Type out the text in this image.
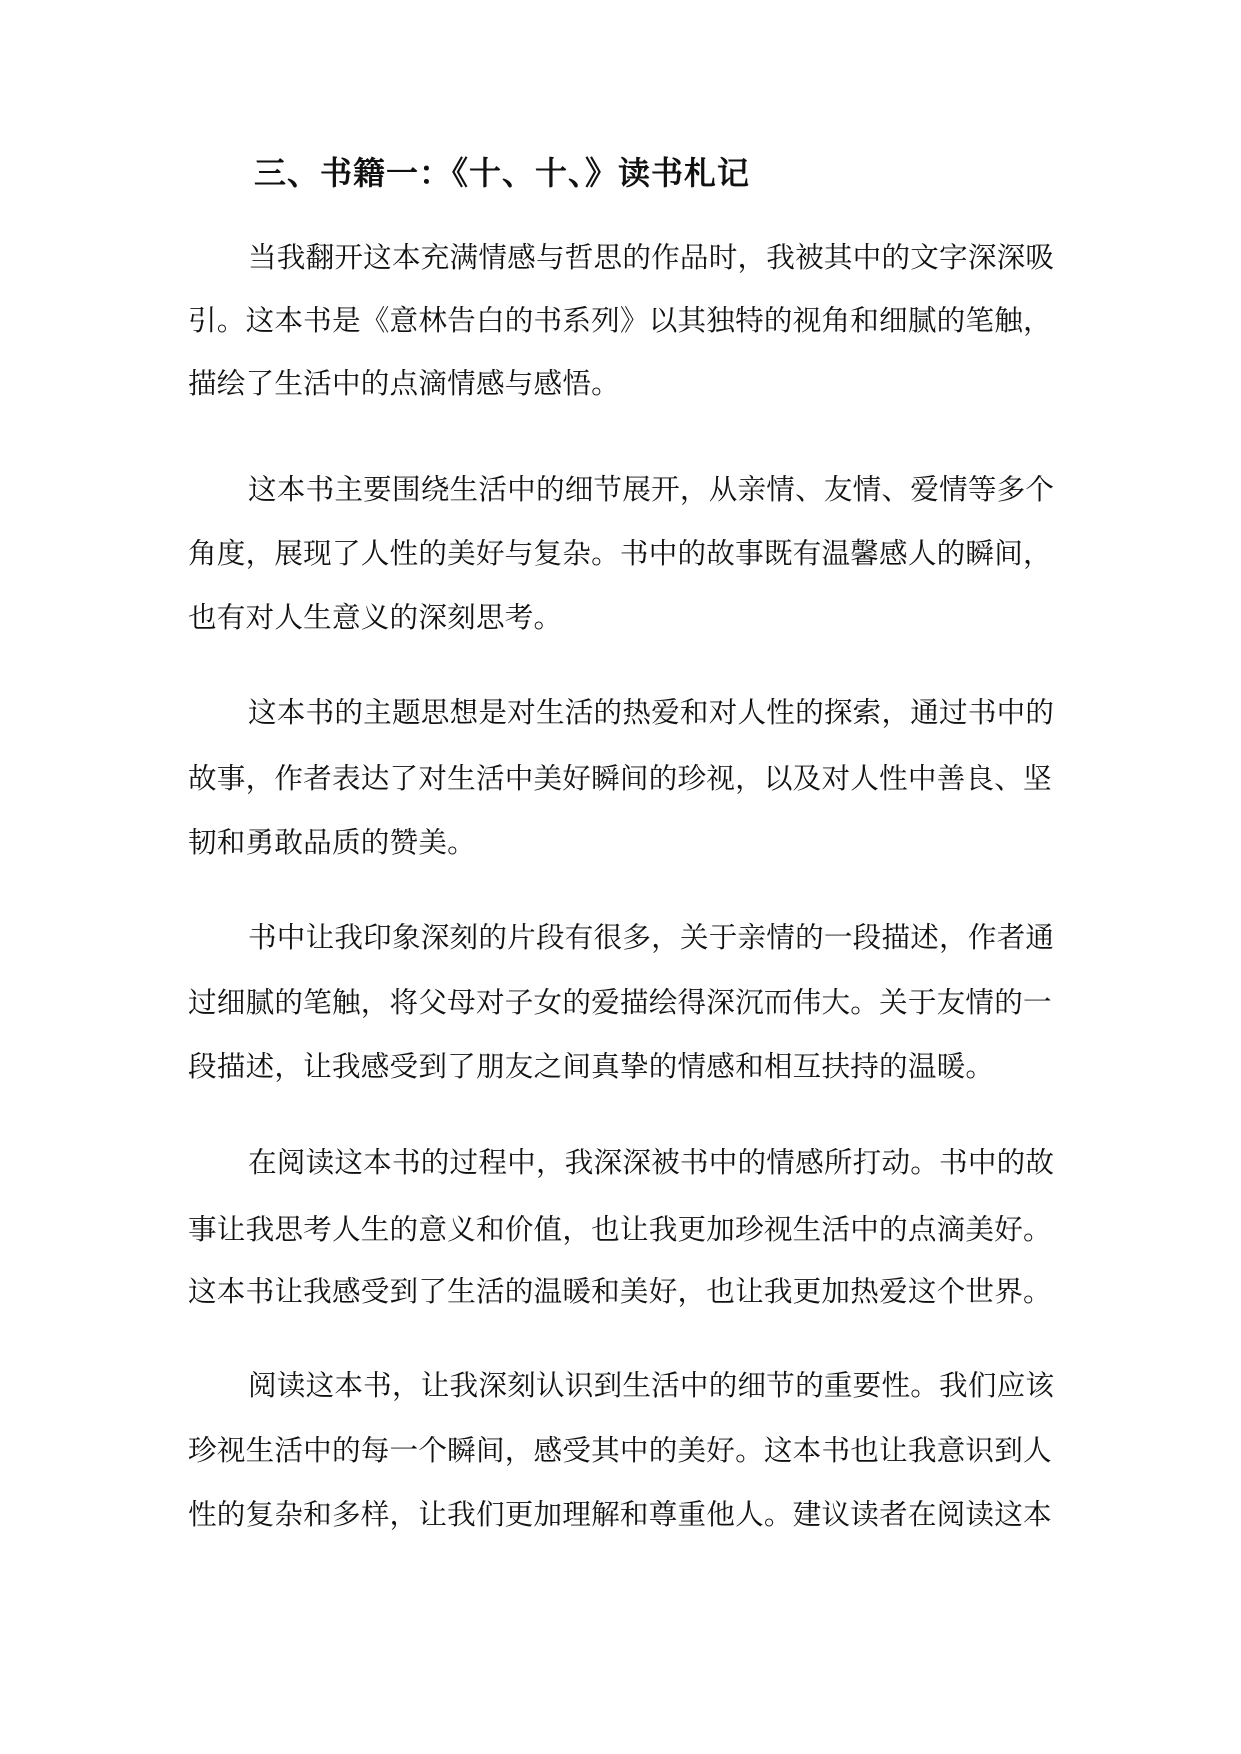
三、书籍一：《十、十、》读书札记
当我翻开这本充满情感与哲思的作品时，我被其中的文字深深吸
引。这本书是《意林告白的书系列》以其独特的视角和细腻的笔触，
描绘了生活中的点滴情感与感悟。
这本书主要围绕生活中的细节展开，从亲情、友情、爱情等多个
角度，展现了人性的美好与复杂。书中的故事既有温馨感人的瞬间，
也有对人生意义的深刻思考。
这本书的主题思想是对生活的热爱和对人性的探索，通过书中的
故事，作者表达了对生活中美好瞬间的珍视，以及对人性中善良、坚
韧和勇敢品质的赞美。
书中让我印象深刻的片段有很多，关于亲情的一段描述，作者通
过细腻的笔触，将父母对子女的爱描绘得深沉而伟大。关于友情的一
段描述，让我感受到了朋友之间真挚的情感和相互扶持的温暖。
在阅读这本书的过程中，我深深被书中的情感所打动。书中的故
事让我思考人生的意义和价值，也让我更加珍视生活中的点滴美好。
这本书让我感受到了生活的温暖和美好，也让我更加热爱这个世界。
阅读这本书，让我深刻认识到生活中的细节的重要性。我们应该
珍视生活中的每一个瞬间，感受其中的美好。这本书也让我意识到人
性的复杂和多样，让我们更加理解和尊重他人。建议读者在阅读这本
